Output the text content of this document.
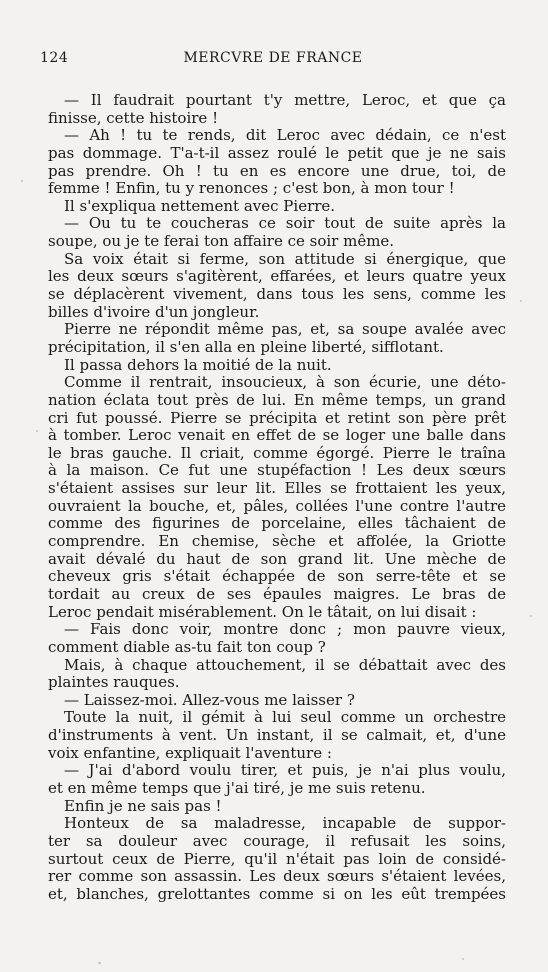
124	MERCVRE DE FRANCE
— Il faudrait pourtant t'y mettre, Leroc, et que ça
finisse, cette histoire !
— Ah ! tu te rends, dit Leroc avec dédain, ce n'est
pas dommage. T'a-t-il assez roulé le petit que je ne sais
pas prendre. Oh ! tu en es encore une drue, toi, de
femme ! Enfin, tu y renonces ; c'est bon, à mon tour !
Il s'expliqua nettement avec Pierre.
— Ou tu te coucheras ce soir tout de suite après la
soupe, ou je te ferai ton affaire ce soir même.
Sa voix était si ferme, son attitude si énergique, que
les deux sœurs s'agitèrent, effarées, et leurs quatre yeux
se déplacèrent vivement, dans tous les sens, comme les
billes d'ivoire d'un jongleur.
Pierre ne répondit même pas, et, sa soupe avalée avec
précipitation, il s'en alla en pleine liberté, sifflotant.
Il passa dehors la moitié de la nuit.
Comme il rentrait, insoucieux, à son écurie, une déto-
nation éclata tout près de lui. En même temps, un grand
cri fut poussé. Pierre se précipita et retint son père prêt
à tomber. Leroc venait en effet de se loger une balle dans
le bras gauche. Il criait, comme égorgé. Pierre le traîna
à la maison. Ce fut une stupéfaction ! Les deux sœurs
s'étaient assises sur leur lit. Elles se frottaient les yeux,
ouvraient la bouche, et, pâles, collées l'une contre l'autre
comme des figurines de porcelaine, elles tâchaient de
comprendre. En chemise, sèche et affolée, la Griotte
avait dévalé du haut de son grand lit. Une mèche de
cheveux gris s'était échappée de son serre-tête et se
tordait au creux de ses épaules maigres. Le bras de
Leroc pendait misérablement. On le tâtait, on lui disait :
— Fais donc voir, montre donc ; mon pauvre vieux,
comment diable as-tu fait ton coup ?
Mais, à chaque attouchement, il se débattait avec des
plaintes rauques.
— Laissez-moi. Allez-vous me laisser ?
Toute la nuit, il gémit à lui seul comme un orchestre
d'instruments à vent. Un instant, il se calmait, et, d'une
voix enfantine, expliquait l'aventure :
— J'ai d'abord voulu tirer, et puis, je n'ai plus voulu,
et en même temps que j'ai tiré, je me suis retenu.
Enfin je ne sais pas !
Honteux de sa maladresse, incapable de suppor-
ter sa douleur avec courage, il refusait les soins,
surtout ceux de Pierre, qu'il n'était pas loin de considé-
rer comme son assassin. Les deux sœurs s'étaient levées,
et, blanches, grelottantes comme si on les eût trempées
